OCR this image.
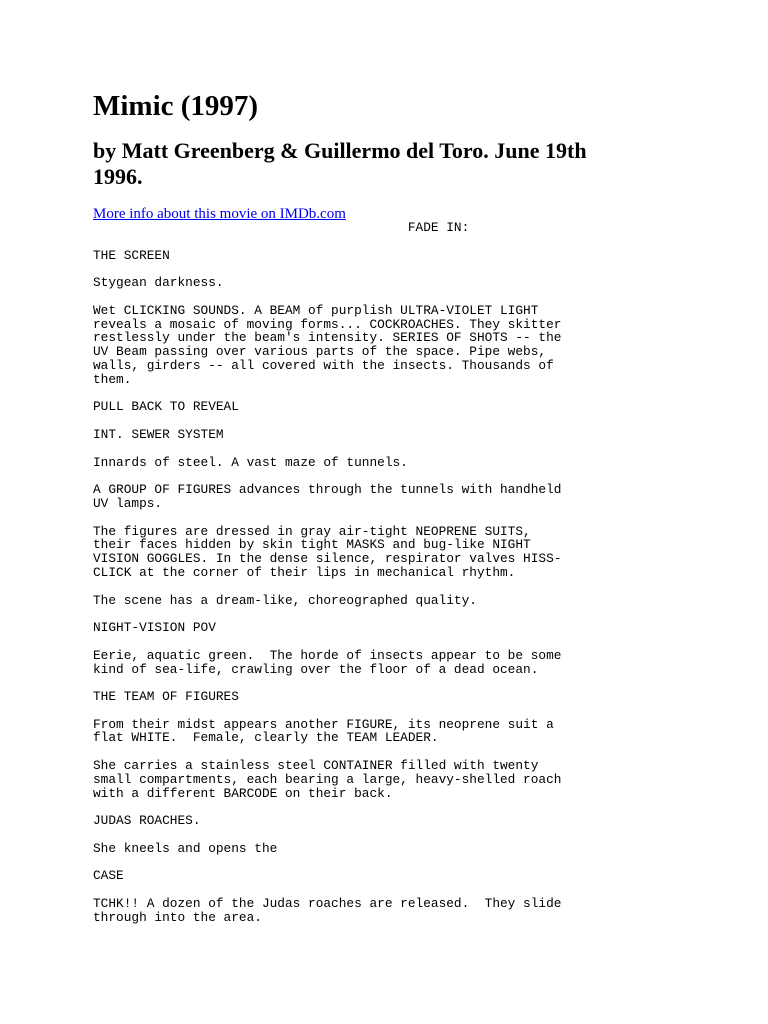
Mimic (1997)
by Matt Greenberg & Guillermo del Toro. June 19th 1996.
More info about this movie on IMDb.com
FADE IN:
THE SCREEN
Stygean darkness.
Wet CLICKING SOUNDS. A BEAM of purplish ULTRA-VIOLET LIGHT
reveals a mosaic of moving forms... COCKROACHES. They skitter
restlessly under the beam's intensity. SERIES OF SHOTS -- the
UV Beam passing over various parts of the space. Pipe webs,
walls, girders -- all covered with the insects. Thousands of
them.
PULL BACK TO REVEAL
INT. SEWER SYSTEM
Innards of steel. A vast maze of tunnels.
A GROUP OF FIGURES advances through the tunnels with handheld
UV lamps.
The figures are dressed in gray air-tight NEOPRENE SUITS,
their faces hidden by skin tight MASKS and bug-like NIGHT
VISION GOGGLES. In the dense silence, respirator valves HISS-
CLICK at the corner of their lips in mechanical rhythm.
The scene has a dream-like, choreographed quality.
NIGHT-VISION POV
Eerie, aquatic green.  The horde of insects appear to be some
kind of sea-life, crawling over the floor of a dead ocean.
THE TEAM OF FIGURES
From their midst appears another FIGURE, its neoprene suit a
flat WHITE.  Female, clearly the TEAM LEADER.
She carries a stainless steel CONTAINER filled with twenty
small compartments, each bearing a large, heavy-shelled roach
with a different BARCODE on their back.
JUDAS ROACHES.
She kneels and opens the
CASE
TCHK!! A dozen of the Judas roaches are released.  They slide
through into the area.
